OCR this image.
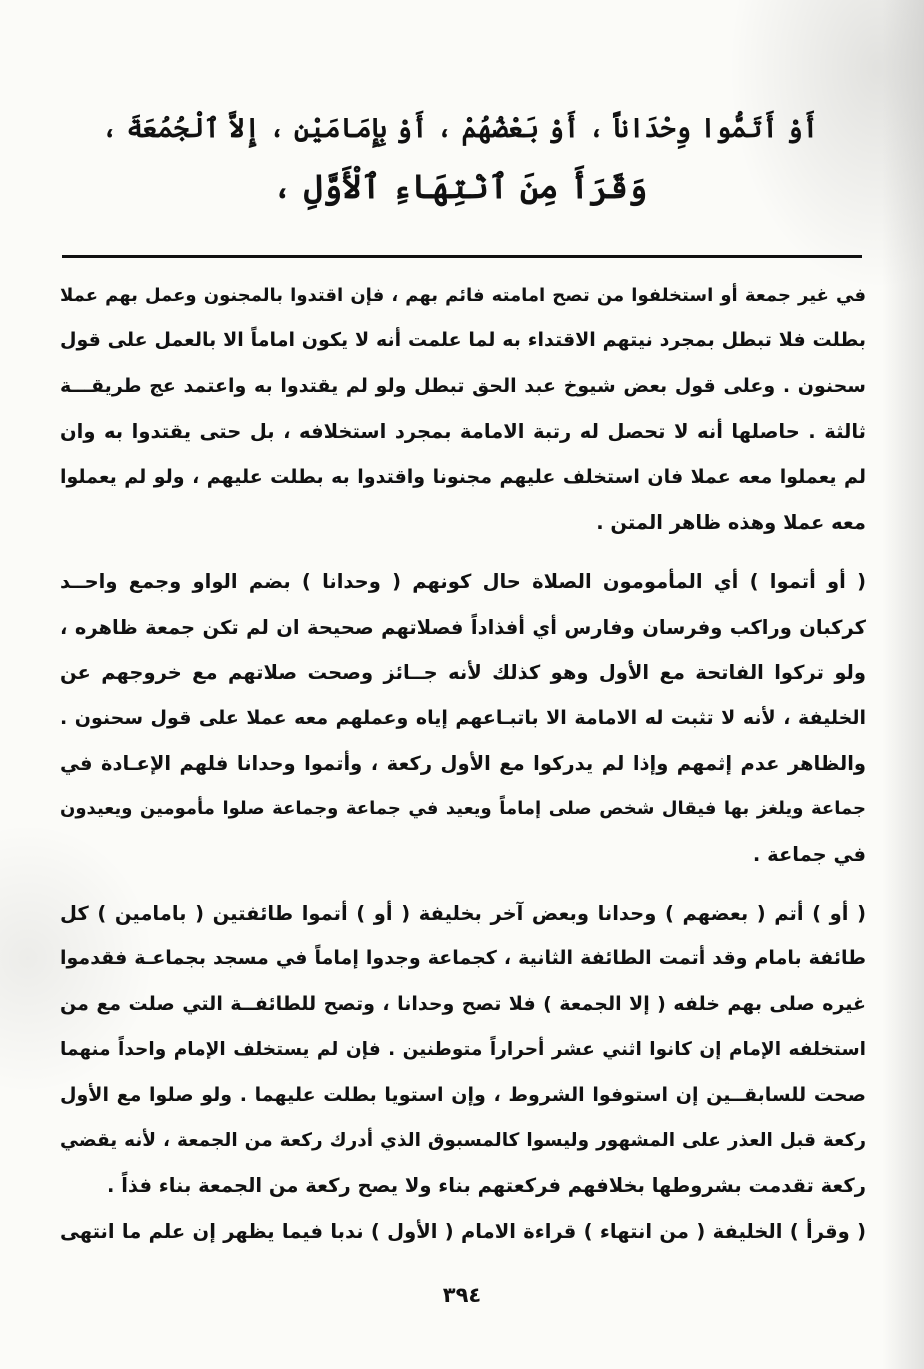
أَوْ أَتَمُّوا وِحْدَاناً ، أَوْ بَعْضُهُمْ ، أَوْ بِإِمَامَيْنِ ، إِلاَّ ٱلْجُمُعَةَ ،
وَقَرَأَ مِنَ ٱنْتِهَاءِ ٱلْأَوَّلِ ،
في غير جمعة أو استخلفوا من تصح امامته فائم بهم ، فإن اقتدوا بالمجنون وعمل بهم عملا
بطلت فلا تبطل بمجرد نيتهم الاقتداء به لما علمت أنه لا يكون اماماً الا بالعمل على قول
سحنون . وعلى قول بعض شيوخ عبد الحق تبطل ولو لم يقتدوا به واعتمد عج طريقـــة
ثالثة . حاصلها أنه لا تحصل له رتبة الامامة بمجرد استخلافه ، بل حتى يقتدوا به وان
لم يعملوا معه عملا فان استخلف عليهم مجنونا واقتدوا به بطلت عليهم ، ولو لم يعملوا
معه عملا وهذه ظاهر المتن .
( أو أتموا ) أي المأمومون الصلاة حال كونهم ( وحدانا ) بضم الواو وجمع واحــد
كركبان وراكب وفرسان وفارس أي أفذاداً فصلاتهم صحيحة ان لم تكن جمعة ظاهره ،
ولو تركوا الفاتحة مع الأول وهو كذلك لأنه جــائز وصحت صلاتهم مع خروجهم عن
الخليفة ، لأنه لا تثبت له الامامة الا باتبـاعهم إياه وعملهم معه عملا على قول سحنون .
والظاهر عدم إثمهم وإذا لم يدركوا مع الأول ركعة ، وأتموا وحدانا فلهم الإعـادة في
جماعة ويلغز بها فيقال شخص صلى إماماً ويعيد في جماعة وجماعة صلوا مأمومين ويعيدون
في جماعة .
( أو ) أتم ( بعضهم ) وحدانا وبعض آخر بخليفة ( أو ) أتموا طائفتين ( بامامين ) كل
طائفة بامام وقد أتمت الطائفة الثانية ، كجماعة وجدوا إماماً في مسجد بجماعـة فقدموا
غيره صلى بهم خلفه ( إلا الجمعة ) فلا تصح وحدانا ، وتصح للطائفــة التي صلت مع من
استخلفه الإمام إن كانوا اثني عشر أحراراً متوطنين . فإن لم يستخلف الإمام واحداً منهما
صحت للسابقــين إن استوفوا الشروط ، وإن استويا بطلت عليهما . ولو صلوا مع الأول
ركعة قبل العذر على المشهور وليسوا كالمسبوق الذي أدرك ركعة من الجمعة ، لأنه يقضي
ركعة تقدمت بشروطها بخلافهم فركعتهم بناء ولا يصح ركعة من الجمعة بناء فذاً .
( وقرأ ) الخليفة ( من انتهاء ) قراءة الامام ( الأول ) ندبا فيما يظهر إن علم ما انتهى
٣٩٤
